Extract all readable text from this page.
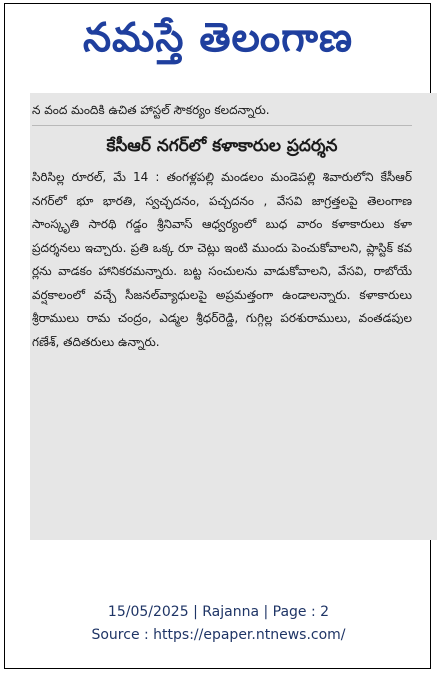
నమస్తే తెలంగాణ
న వంద మందికి ఉచిత హాస్టల్ సౌకర్యం కలదన్నారు.
కేసీఆర్ నగర్‌లో కళాకారుల ప్రదర్శన

సిరిసిల్ల రూరల్, మే 14 : తంగళ్లపల్లి మండలం మండెపల్లి శివారులోని కేసీఆర్ నగర్‌లో భూ భారతి, స్వచ్ఛదనం, పచ్చదనం , వేసవి జాగ్రత్తలపై తెలంగాణ సాంస్కృతి సారథి గడ్డం శ్రీనివాస్ ఆధ్వర్యంలో బుధ వారం కళాకారులు కళా ప్రదర్శనలు ఇచ్చారు. ప్రతి ఒక్క రూ చెట్లు ఇంటి ముందు పెంచుకోవాలని, ప్లాస్టిక్ కవ ర్లను వాడకం హానికరమన్నారు. బట్ట సంచులను వాడుకోవాలని, వేసవి, రాబోయే వర్షకాలంలో వచ్చే సీజనల్‌వ్యాధులపై అప్రమత్తంగా ఉండాలన్నారు. కళాకారులు శ్రీరాములు రామ చంద్రం, ఎడ్మల శ్రీధర్‌రెడ్డి, గుగ్గిల్ల పరశురాములు, వంతడపుల గణేశ్, తదితరులు ఉన్నారు.

15/05/2025 | Rajanna | Page : 2
Source : https://epaper.ntnews.com/
